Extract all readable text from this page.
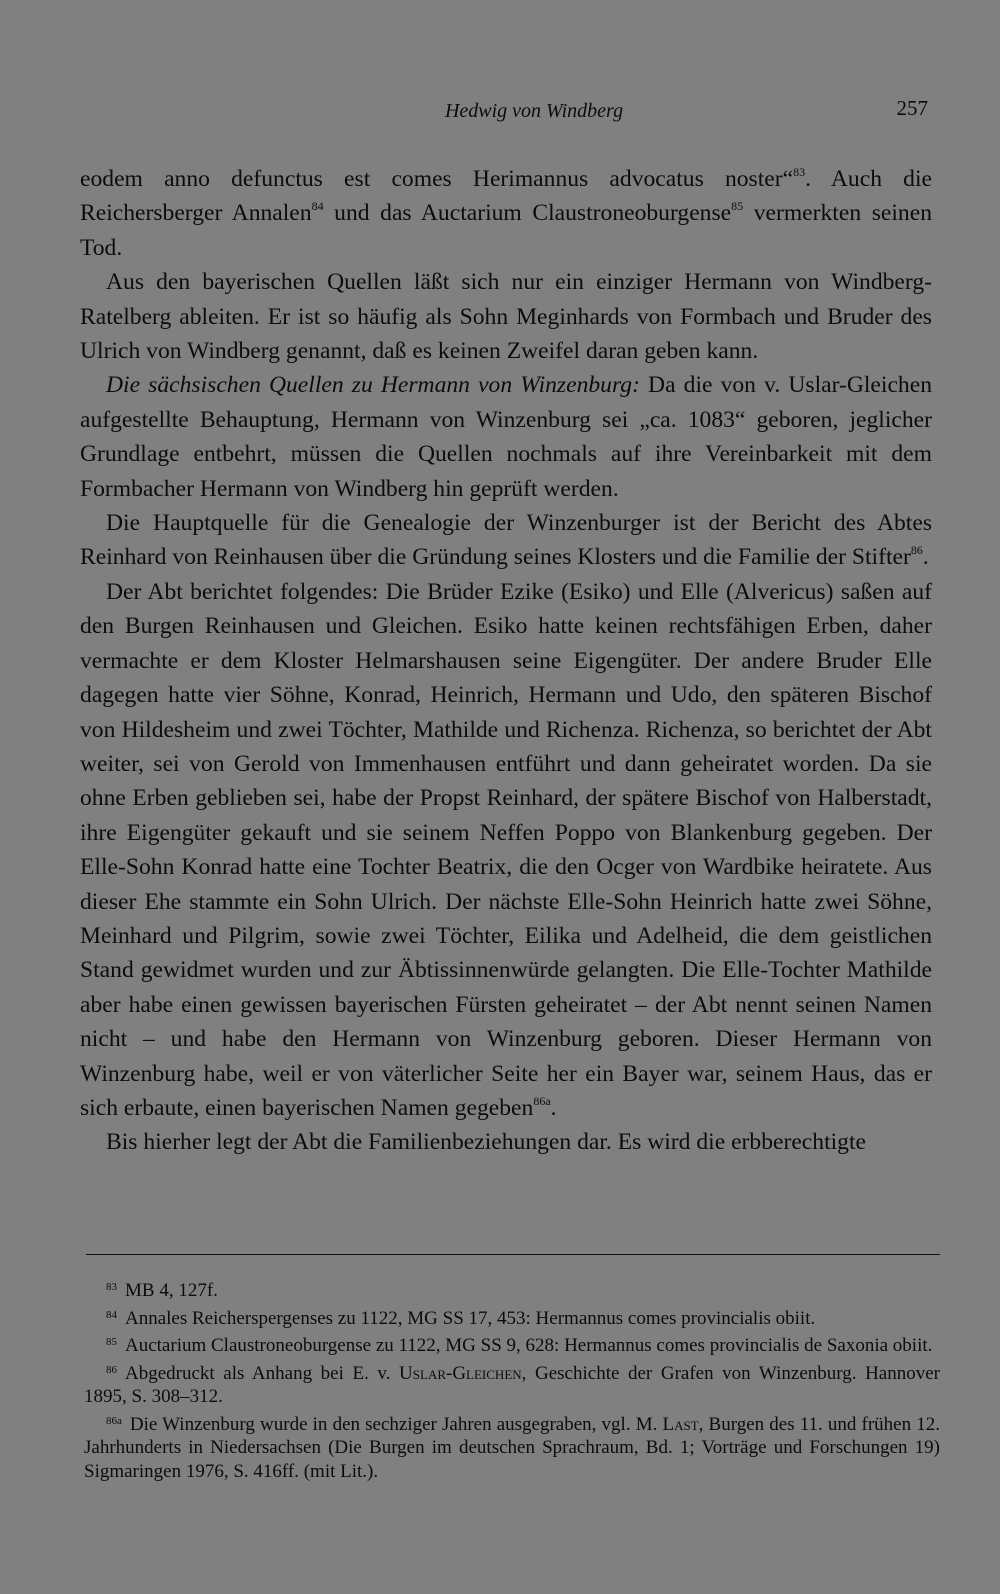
Hedwig von Windberg	257

eodem anno defunctus est comes Herimannus advocatus noster“$^{83}$. Auch die Reichersberger Annalen$^{84}$ und das Auctarium Claustroneoburgense$^{85}$ vermerkten seinen Tod.

Aus den bayerischen Quellen läßt sich nur ein einziger Hermann von Windberg-Ratelberg ableiten. Er ist so häufig als Sohn Meginhards von Formbach und Bruder des Ulrich von Windberg genannt, daß es keinen Zweifel daran geben kann.

Die sächsischen Quellen zu Hermann von Winzenburg: Da die von v. Uslar-Gleichen aufgestellte Behauptung, Hermann von Winzenburg sei „ca. 1083“ geboren, jeglicher Grundlage entbehrt, müssen die Quellen nochmals auf ihre Vereinbarkeit mit dem Formbacher Hermann von Windberg hin geprüft werden.

Die Hauptquelle für die Genealogie der Winzenburger ist der Bericht des Abtes Reinhard von Reinhausen über die Gründung seines Klosters und die Familie der Stifter$^{86}$.

Der Abt berichtet folgendes: Die Brüder Ezike (Esiko) und Elle (Alvericus) saßen auf den Burgen Reinhausen und Gleichen. Esiko hatte keinen rechtsfähigen Erben, daher vermachte er dem Kloster Helmarshausen seine Eigengüter. Der andere Bruder Elle dagegen hatte vier Söhne, Konrad, Heinrich, Hermann und Udo, den späteren Bischof von Hildesheim und zwei Töchter, Mathilde und Richenza. Richenza, so berichtet der Abt weiter, sei von Gerold von Immenhausen entführt und dann geheiratet worden. Da sie ohne Erben geblieben sei, habe der Propst Reinhard, der spätere Bischof von Halberstadt, ihre Eigengüter gekauft und sie seinem Neffen Poppo von Blankenburg gegeben. Der Elle-Sohn Konrad hatte eine Tochter Beatrix, die den Ocger von Wardbike heiratete. Aus dieser Ehe stammte ein Sohn Ulrich. Der nächste Elle-Sohn Heinrich hatte zwei Söhne, Meinhard und Pilgrim, sowie zwei Töchter, Eilika und Adelheid, die dem geistlichen Stand gewidmet wurden und zur Äbtissinnenwürde gelangten. Die Elle-Tochter Mathilde aber habe einen gewissen bayerischen Fürsten geheiratet – der Abt nennt seinen Namen nicht – und habe den Hermann von Winzenburg geboren. Dieser Hermann von Winzenburg habe, weil er von väterlicher Seite her ein Bayer war, seinem Haus, das er sich erbaute, einen bayerischen Namen gegeben$^{86a}$.

Bis hierher legt der Abt die Familienbeziehungen dar. Es wird die erbberechtigte

$^{83}$ MB 4, 127f.

$^{84}$ Annales Reicherspergenses zu 1122, MG SS 17, 453: Hermannus comes provincialis obiit.

$^{85}$ Auctarium Claustroneoburgense zu 1122, MG SS 9, 628: Hermannus comes provincialis de Saxonia obiit.

$^{86}$ Abgedruckt als Anhang bei E. v. Uslar-Gleichen, Geschichte der Grafen von Winzenburg. Hannover 1895, S. 308–312.

$^{86a}$ Die Winzenburg wurde in den sechziger Jahren ausgegraben, vgl. M. Last, Burgen des 11. und frühen 12. Jahrhunderts in Niedersachsen (Die Burgen im deutschen Sprachraum, Bd. 1; Vorträge und Forschungen 19) Sigmaringen 1976, S. 416ff. (mit Lit.).
